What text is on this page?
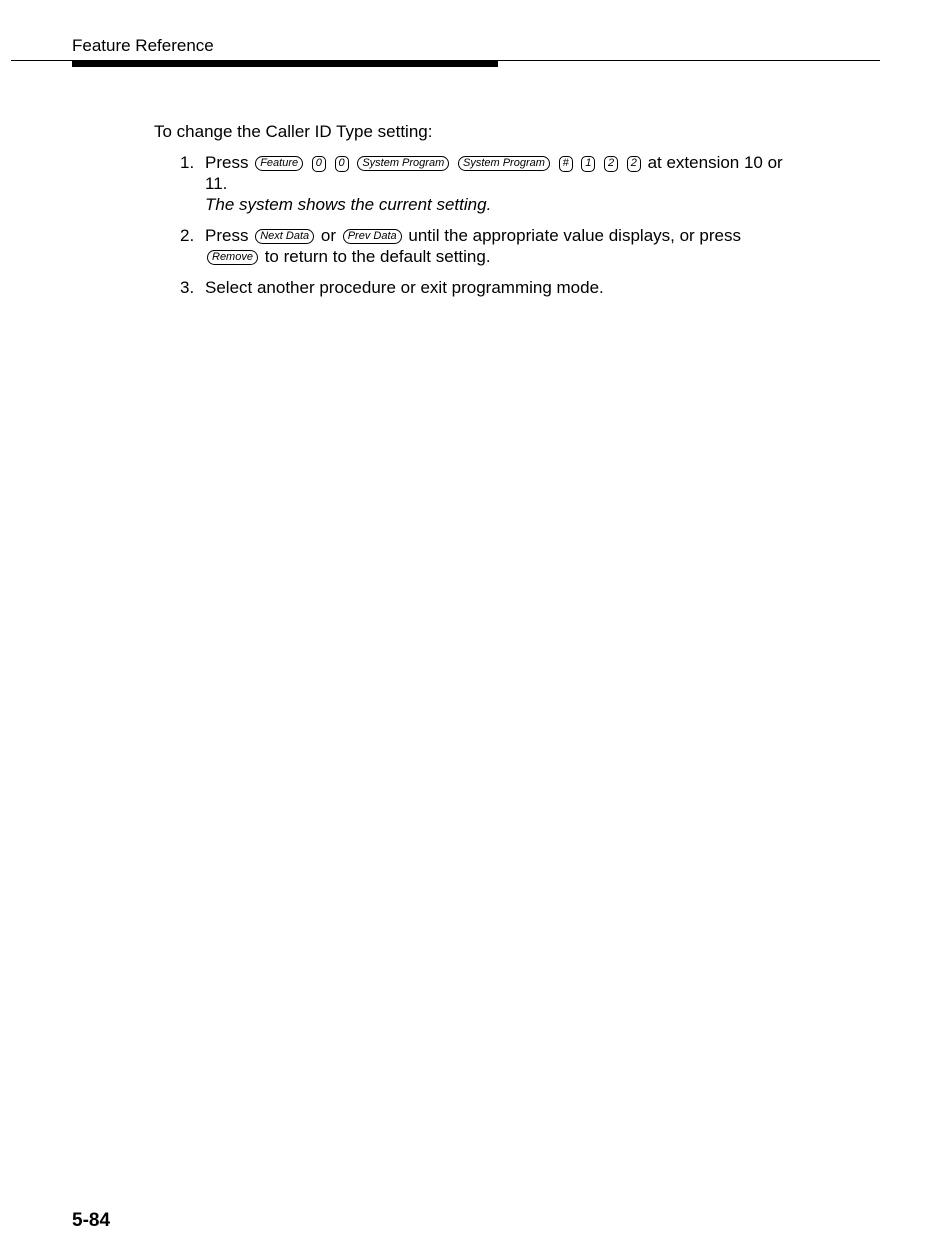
Feature Reference

To change the Caller ID Type setting:

1. Press Feature 0 0 System Program System Program # 1 2 2 at extension 10 or 11.
The system shows the current setting.
2. Press Next Data or Prev Data until the appropriate value displays, or press
Remove to return to the default setting.
3. Select another procedure or exit programming mode.
5-84
